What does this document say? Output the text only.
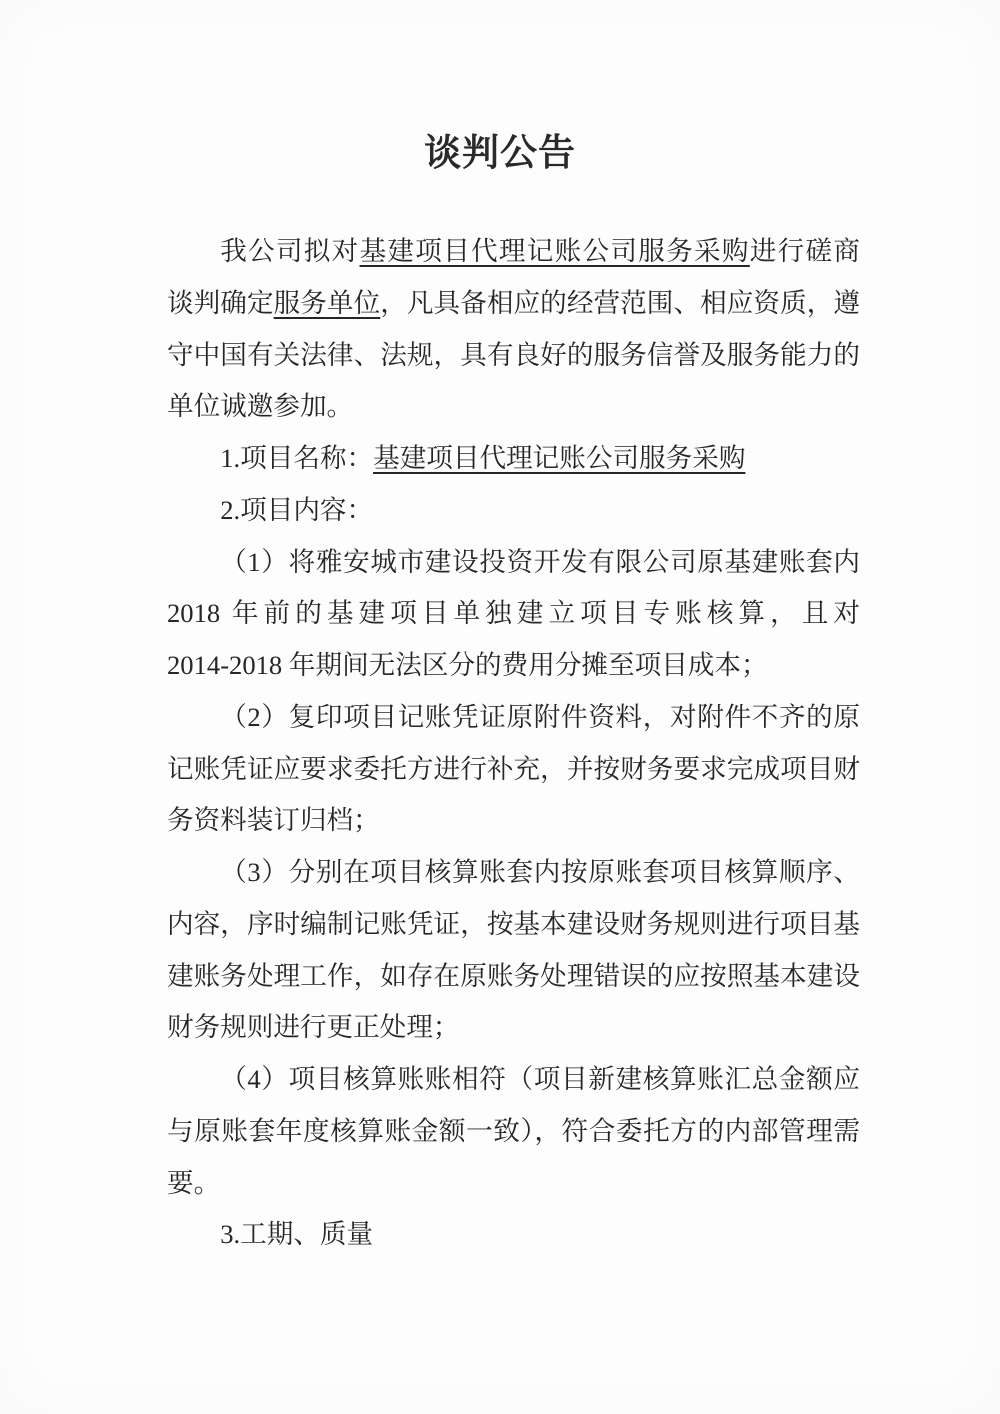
谈判公告
我公司拟对基建项目代理记账公司服务采购进行磋商
谈判确定服务单位，凡具备相应的经营范围、相应资质，遵
守中国有关法律、法规，具有良好的服务信誉及服务能力的
单位诚邀参加。
1.项目名称：基建项目代理记账公司服务采购
2.项目内容：
（1）将雅安城市建设投资开发有限公司原基建账套内
2018 年前的基建项目单独建立项目专账核算，且对
2014-2018 年期间无法区分的费用分摊至项目成本；
（2）复印项目记账凭证原附件资料，对附件不齐的原
记账凭证应要求委托方进行补充，并按财务要求完成项目财
务资料装订归档；
（3）分别在项目核算账套内按原账套项目核算顺序、
内容，序时编制记账凭证，按基本建设财务规则进行项目基
建账务处理工作，如存在原账务处理错误的应按照基本建设
财务规则进行更正处理；
（4）项目核算账账相符（项目新建核算账汇总金额应
与原账套年度核算账金额一致），符合委托方的内部管理需
要。
3.工期、质量
